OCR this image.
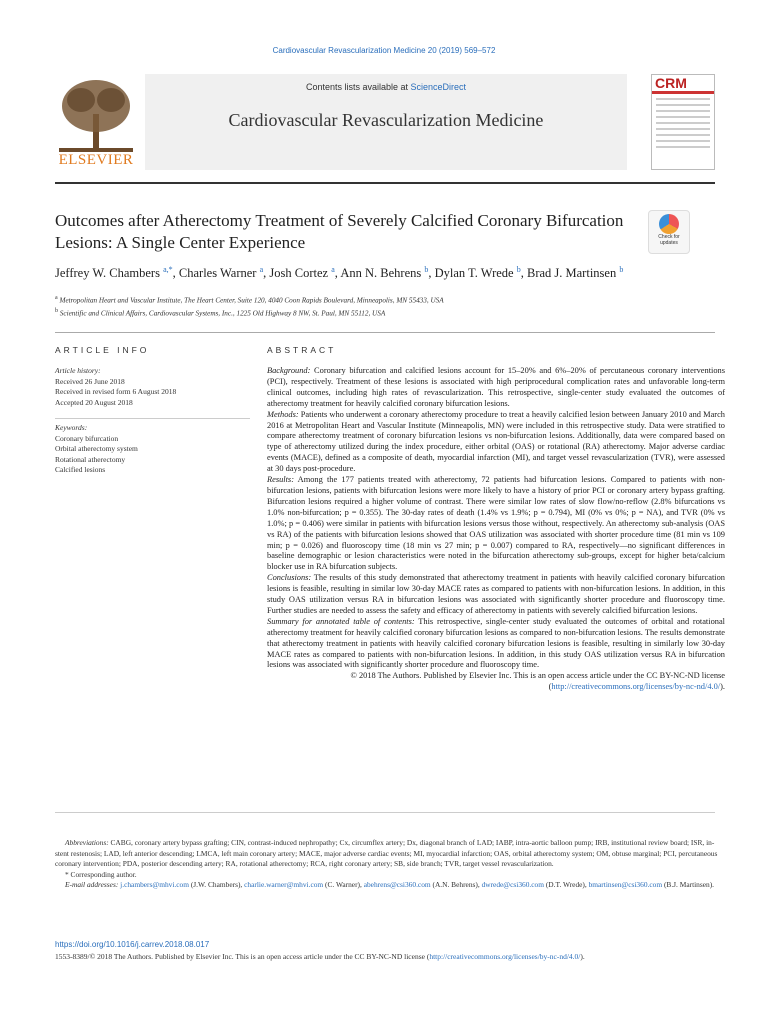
Cardiovascular Revascularization Medicine 20 (2019) 569–572
ELSEVIER
Contents lists available at ScienceDirect
Cardiovascular Revascularization Medicine
CRM
Outcomes after Atherectomy Treatment of Severely Calcified Coronary Bifurcation Lesions: A Single Center Experience	Check for
updates
Jeffrey W. Chambers $^{a,*}$, Charles Warner $^a$, Josh Cortez $^a$, Ann N. Behrens $^b$, Dylan T. Wrede $^b$, Brad J. Martinsen $^b$
$^a$ Metropolitan Heart and Vascular Institute, The Heart Center, Suite 120, 4040 Coon Rapids Boulevard, Minneapolis, MN 55433, USA
$^b$ Scientific and Clinical Affairs, Cardiovascular Systems, Inc., 1225 Old Highway 8 NW, St. Paul, MN 55112, USA
ARTICLE INFO	ABSTRACT
Article history:
Received 26 June 2018
Received in revised form 6 August 2018
Accepted 20 August 2018
Keywords:
Coronary bifurcation
Orbital atherectomy system
Rotational atherectomy
Calcified lesions

Background: Coronary bifurcation and calcified lesions account for 15–20% and 6%–20% of percutaneous coronary interventions (PCI), respectively. Treatment of these lesions is associated with high periprocedural complication rates and unfavorable long-term clinical outcomes, including high rates of revascularization. This retrospective, single-center study evaluated the outcomes of atherectomy treatment for heavily calcified coronary bifurcation lesions.

Methods: Patients who underwent a coronary atherectomy procedure to treat a heavily calcified lesion between January 2010 and March 2016 at Metropolitan Heart and Vascular Institute (Minneapolis, MN) were included in this retrospective study. Data were stratified to compare atherectomy treatment of coronary bifurcation lesions vs non-bifurcation lesions. Additionally, data were compared based on type of atherectomy utilized during the index procedure, either orbital (OAS) or rotational (RA) atherectomy. Major adverse cardiac events (MACE), defined as a composite of death, myocardial infarction (MI), and target vessel revascularization (TVR), were assessed at 30 days post-procedure.

Results: Among the 177 patients treated with atherectomy, 72 patients had bifurcation lesions. Compared to patients with non-bifurcation lesions, patients with bifurcation lesions were more likely to have a history of prior PCI or coronary artery bypass grafting. Bifurcation lesions required a higher volume of contrast. There were similar low rates of slow flow/no-reflow (2.8% bifurcations vs 1.0% non-bifurcation; p = 0.355). The 30-day rates of death (1.4% vs 1.9%; p = 0.794), MI (0% vs 0%; p = NA), and TVR (0% vs 1.0%; p = 0.406) were similar in patients with bifurcation lesions versus those without, respectively. An atherectomy sub-analysis (OAS vs RA) of the patients with bifurcation lesions showed that OAS utilization was associated with shorter procedure time (81 min vs 109 min; p = 0.026) and fluoroscopy time (18 min vs 27 min; p = 0.007) compared to RA, respectively—no significant differences in baseline demographic or lesion characteristics were noted in the bifurcation atherectomy sub-groups, except for higher beta/calcium blocker use in RA bifurcation subjects.

Conclusions: The results of this study demonstrated that atherectomy treatment in patients with heavily calcified coronary bifurcation lesions is feasible, resulting in similar low 30-day MACE rates as compared to patients with non-bifurcation lesions. In addition, in this study OAS utilization versus RA in bifurcation lesions was associated with significantly shorter procedure and fluoroscopy time. Further studies are needed to assess the safety and efficacy of atherectomy in patients with severely calcified bifurcation lesions.

Summary for annotated table of contents: This retrospective, single-center study evaluated the outcomes of orbital and rotational atherectomy treatment for heavily calcified coronary bifurcation lesions as compared to non-bifurcation lesions. The results demonstrate that atherectomy treatment in patients with heavily calcified coronary bifurcation lesions is feasible, resulting in similarly low 30-day MACE rates as compared to patients with non-bifurcation lesions. In addition, in this study OAS utilization versus RA in bifurcation lesions was associated with significantly shorter procedure and fluoroscopy time.

© 2018 The Authors. Published by Elsevier Inc. This is an open access article under the CC BY-NC-ND license (http://creativecommons.org/licenses/by-nc-nd/4.0/).

Abbreviations: CABG, coronary artery bypass grafting; CIN, contrast-induced nephropathy; Cx, circumflex artery; Dx, diagonal branch of LAD; IABP, intra-aortic balloon pump; IRB, institutional review board; ISR, in-stent restenosis; LAD, left anterior descending; LMCA, left main coronary artery; MACE, major adverse cardiac events; MI, myocardial infarction; OAS, orbital atherectomy system; OM, obtuse marginal; PCI, percutaneous coronary intervention; PDA, posterior descending artery; RA, rotational atherectomy; RCA, right coronary artery; SB, side branch; TVR, target vessel revascularization.

* Corresponding author.

E-mail addresses: j.chambers@mhvi.com (J.W. Chambers), charlie.warner@mhvi.com (C. Warner), abehrens@csi360.com (A.N. Behrens), dwrede@csi360.com (D.T. Wrede), bmartinsen@csi360.com (B.J. Martinsen).

https://doi.org/10.1016/j.carrev.2018.08.017
1553-8389/© 2018 The Authors. Published by Elsevier Inc. This is an open access article under the CC BY-NC-ND license (http://creativecommons.org/licenses/by-nc-nd/4.0/).
